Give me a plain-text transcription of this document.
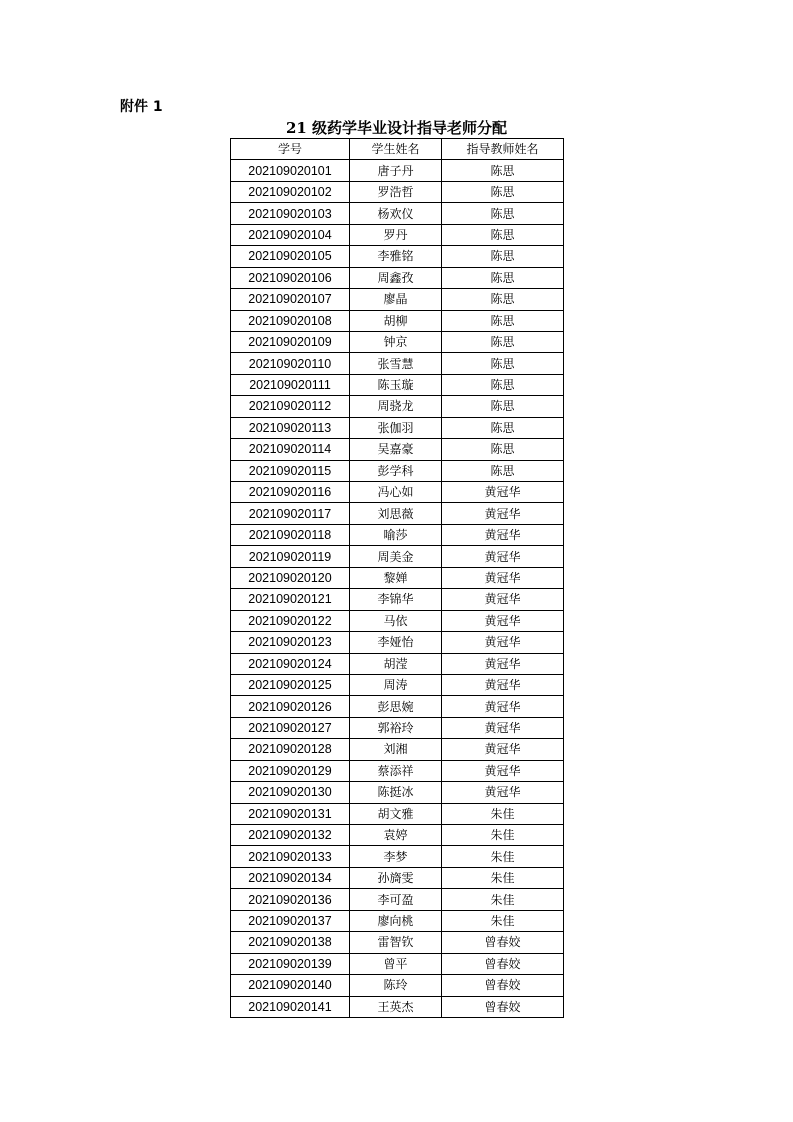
附件 1

21 级药学毕业设计指导老师分配
学号	学生姓名	指导教师姓名
202109020101	唐子丹	陈思
202109020102	罗浩哲	陈思
202109020103	杨欢仪	陈思
202109020104	罗丹	陈思
202109020105	李雅铭	陈思
202109020106	周鑫孜	陈思
202109020107	廖晶	陈思
202109020108	胡柳	陈思
202109020109	钟京	陈思
202109020110	张雪慧	陈思
202109020111	陈玉璇	陈思
202109020112	周骁龙	陈思
202109020113	张伽羽	陈思
202109020114	吴嘉豪	陈思
202109020115	彭学科	陈思
202109020116	冯心如	黄冠华
202109020117	刘思薇	黄冠华
202109020118	喻莎	黄冠华
202109020119	周美金	黄冠华
202109020120	黎婵	黄冠华
202109020121	李锦华	黄冠华
202109020122	马依	黄冠华
202109020123	李娅怡	黄冠华
202109020124	胡滢	黄冠华
202109020125	周涛	黄冠华
202109020126	彭思婉	黄冠华
202109020127	郭裕玲	黄冠华
202109020128	刘湘	黄冠华
202109020129	蔡添祥	黄冠华
202109020130	陈挺冰	黄冠华
202109020131	胡文雅	朱佳
202109020132	袁婷	朱佳
202109020133	李梦	朱佳
202109020134	孙旖雯	朱佳
202109020136	李可盈	朱佳
202109020137	廖向桃	朱佳
202109020138	雷智钦	曾春姣
202109020139	曾平	曾春姣
202109020140	陈玲	曾春姣
202109020141	王英杰	曾春姣
